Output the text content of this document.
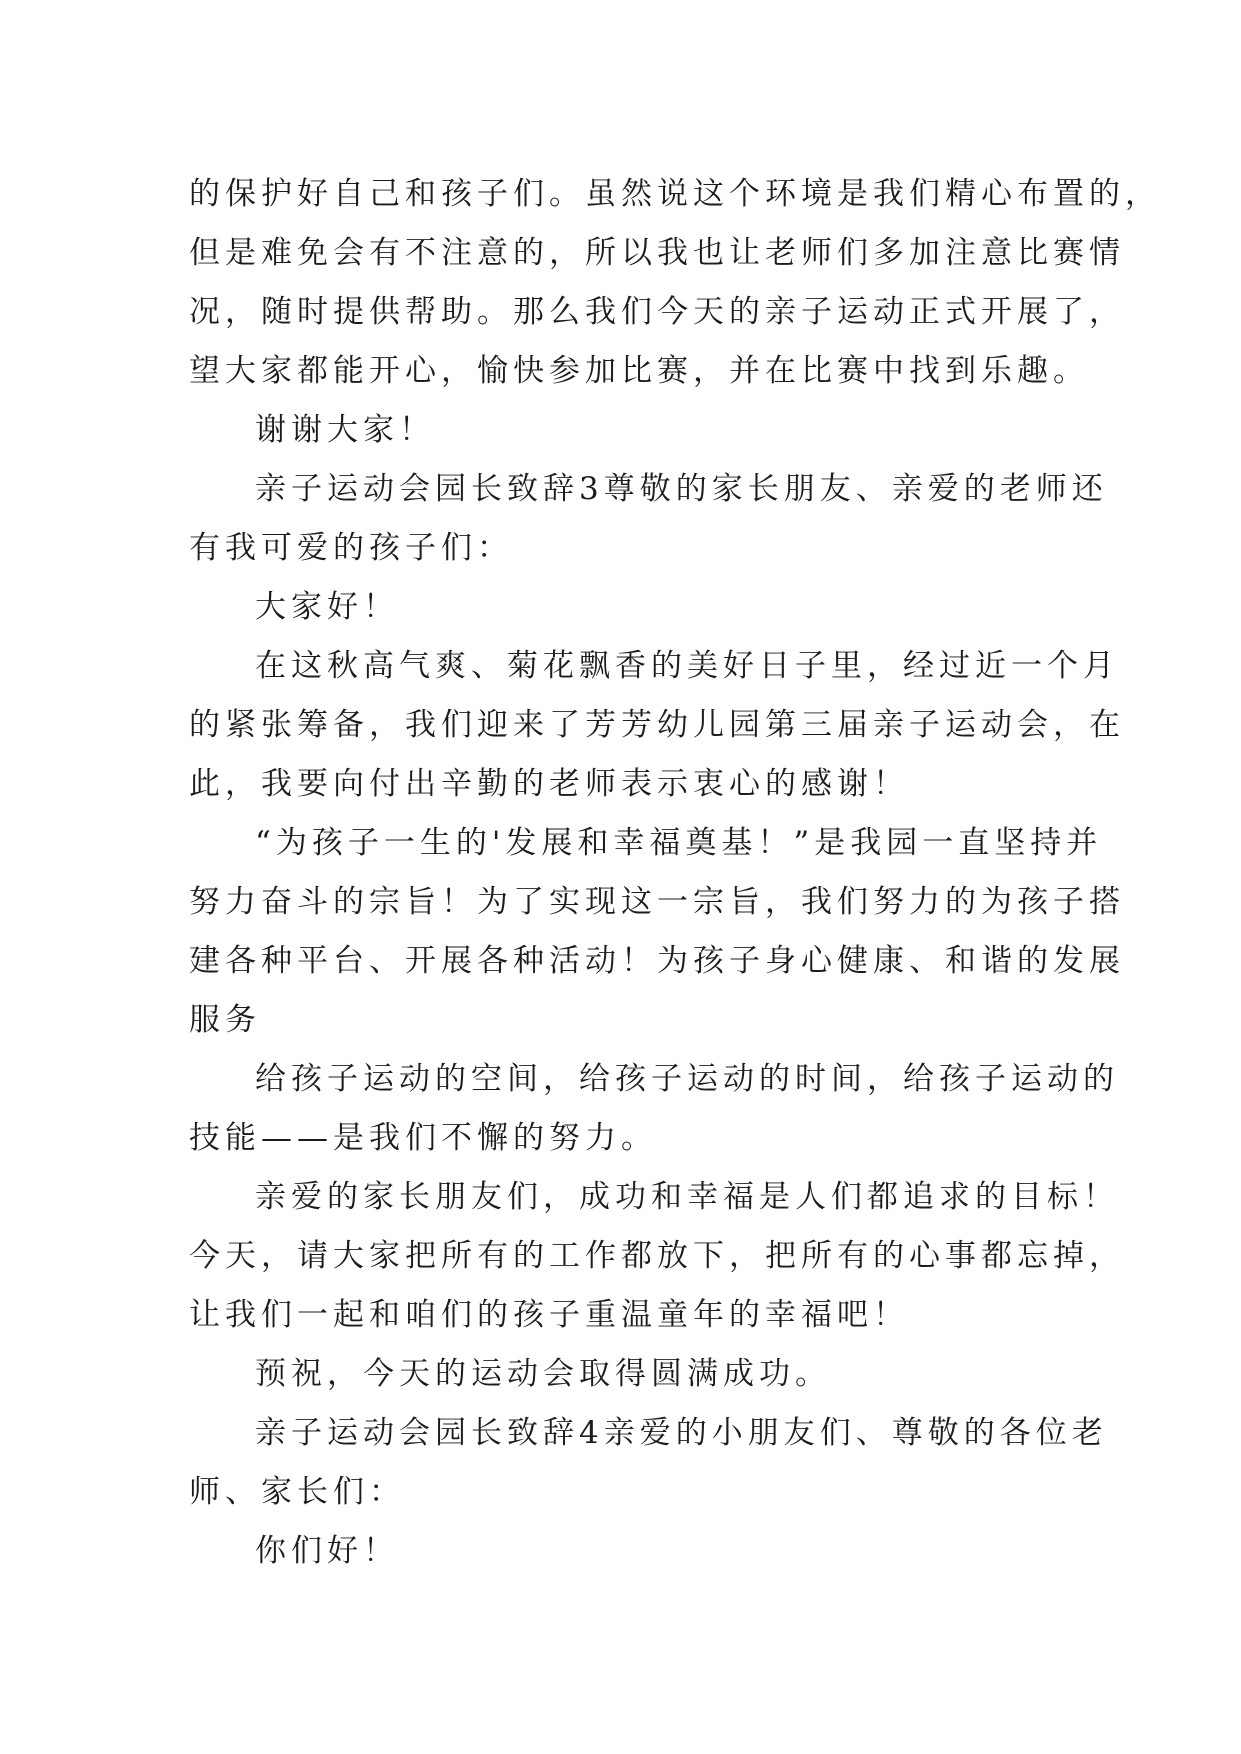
的保护好自己和孩子们。虽然说这个环境是我们精心布置的，
但是难免会有不注意的，所以我也让老师们多加注意比赛情
况，随时提供帮助。那么我们今天的亲子运动正式开展了，
望大家都能开心，愉快参加比赛，并在比赛中找到乐趣。
谢谢大家！
亲子运动会园长致辞3尊敬的家长朋友、亲爱的老师还
有我可爱的孩子们：
大家好！
在这秋高气爽、菊花飘香的美好日子里，经过近一个月
的紧张筹备，我们迎来了芳芳幼儿园第三届亲子运动会，在
此，我要向付出辛勤的老师表示衷心的感谢！
“为孩子一生的'发展和幸福奠基！”是我园一直坚持并
努力奋斗的宗旨！为了实现这一宗旨，我们努力的为孩子搭
建各种平台、开展各种活动！为孩子身心健康、和谐的发展
服务
给孩子运动的空间，给孩子运动的时间，给孩子运动的
技能——是我们不懈的努力。
亲爱的家长朋友们，成功和幸福是人们都追求的目标！
今天，请大家把所有的工作都放下，把所有的心事都忘掉，
让我们一起和咱们的孩子重温童年的幸福吧！
预祝，今天的运动会取得圆满成功。
亲子运动会园长致辞4亲爱的小朋友们、尊敬的各位老
师、家长们：
你们好！
